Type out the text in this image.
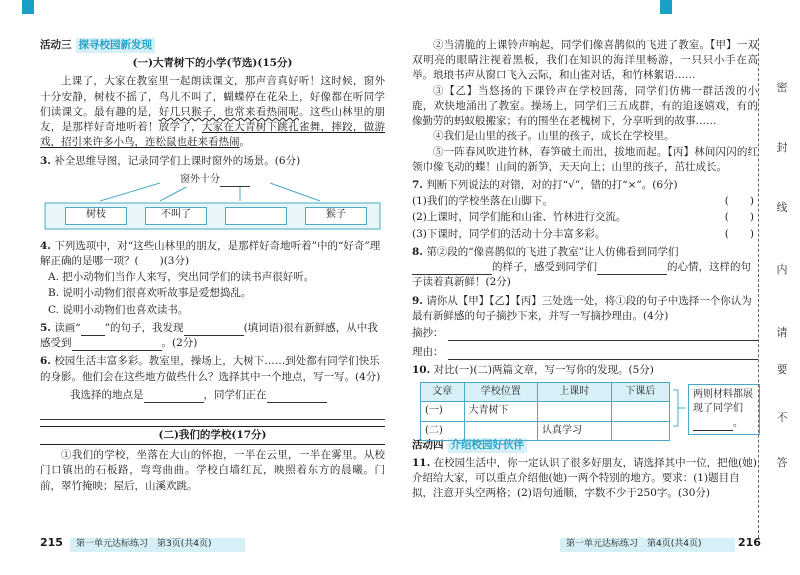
活动三 探寻校园新发现
(一)大青树下的小学(节选)(15分)

上课了，大家在教室里一起朗读课文，那声音真好听！这时候，窗外十分安静，树枝不摇了，鸟儿不叫了，蝴蝶停在花朵上，好像都在听同学们读课文。最有趣的是，好几只猴子，也常来看热闹呢。这些山林里的朋友，是那样好奇地听着！放学了，大家在大青树下跳孔雀舞，摔跤，做游戏，招引来许多小鸟，连松鼠也赶来看热闹。

3. 补全思维导图，记录同学们上课时窗外的场景。(6分)
窗外十分
树枝	不叫了	猴子
4. 下列选项中，对“这些山林里的朋友，是那样好奇地听着”中的“好奇”理解正确的是哪一项？(　　)(3分)
A. 把小动物们当作人来写，突出同学们的读书声很好听。
B. 说明小动物们很喜欢听故事是爱想捣乱。
C. 说明小动物们也喜欢读书。
5. 读画“ ”的句子，我发现	(填词语)很有新鲜感，从中我感受到	。(2分)
6. 校园生活丰富多彩。教室里，操场上，大树下……到处都有同学们快乐的身影。他们会在这些地方做些什么？选择其中一个地点，写一写。(4分)
我选择的地点是	，同学们正在
(二)我们的学校(17分)

①我们的学校，坐落在大山的怀抱，一半在云里，一半在雾里。从校门口镇出的石板路，弯弯曲曲。学校白墙红瓦，映照着东方的晨曦。门前，翠竹掩映；屋后，山溪欢跳。

②当清脆的上课铃声响起，同学们像喜鹊似的飞进了教室。【甲】一双双明亮的眼睛注视着黑板，我们在知识的海洋里畅游，一只只小手在高举。琅琅书声从窗口飞入云际，和山雀对话，和竹林絮语……

③【乙】当悠扬的下课铃声在学校回荡，同学们仿佛一群活泼的小鹿，欢快地涌出了教室。操场上，同学们三五成群，有的追逐嬉戏，有的像勤劳的蚂蚁般搬家；有的围坐在老槐树下，分享听到的故事……

④我们是山里的孩子。山里的孩子，成长在学校里。

⑤一阵春风吹进竹林，春笋破土而出，拔地而起。【丙】林间闪闪的红领巾像飞动的蝶！山间的新笋，天天向上；山里的孩子，茁壮成长。

7. 判断下列说法的对错，对的打“√”，错的打“×”。(6分)
(1)我们的学校坐落在山脚下。	(　　)
(2)上课时，同学们能和山雀、竹林进行交流。	(　　)
(3)下课时，同学们的活动十分丰富多彩。	(　　)
8. 第②段的“像喜鹊似的飞进了教室”让人仿佛看到同学们的样子，感受到同学们	的心情，这样的句子读着真新鲜！(2分)
9. 请你从【甲】【乙】【丙】三处选一处，将①段的句子中选择一个你认为最有新鲜感的句子摘抄下来，并写一写摘抄理由。(4分)
摘抄：
理由：
10. 对比(一)(二)两篇文章，写一写你的发现。(5分)
文章	学校位置	上课时	下课后
(一)	大青树下		
(二)		认真学习	
两则材料都展现了同学们。
活动四 介绍校园好伙伴
11. 在校园生活中，你一定认识了很多好朋友，请选择其中一位，把他(她)介绍给大家，可以重点介绍他(她)一两个特别的地方。要求：(1)题目自拟，注意开头空两格；(2)语句通顺，字数不少于250字。(30分)
密
封
线
内
请
要
不
答
215 第一单元达标练习　第3页(共4页)	第一单元达标练习　第4页(共4页)	216
